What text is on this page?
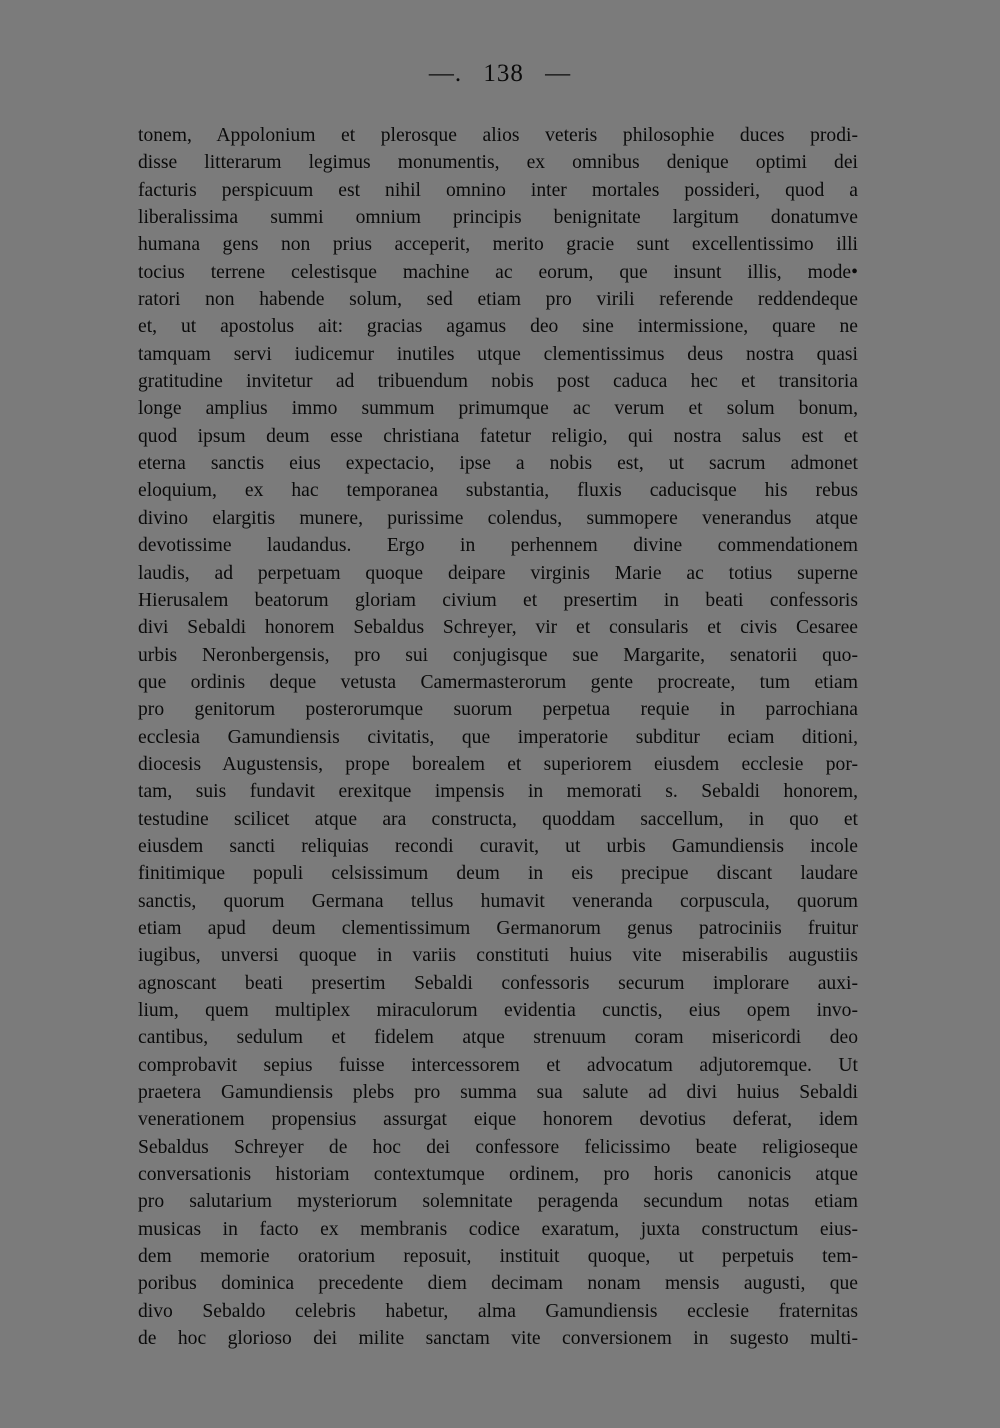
—. 138 —
tonem, Appolonium et plerosque alios veteris philosophie duces prodi-
disse litterarum legimus monumentis, ex omnibus denique optimi dei
facturis perspicuum est nihil omnino inter mortales possideri, quod a
liberalissima summi omnium principis benignitate largitum donatumve
humana gens non prius acceperit, merito gracie sunt excellentissimo illi
tocius terrene celestisque machine ac eorum, que insunt illis, mode•
ratori non habende solum, sed etiam pro virili referende reddendeque
et, ut apostolus ait: gracias agamus deo sine intermissione, quare ne
tamquam servi iudicemur inutiles utque clementissimus deus nostra quasi
gratitudine invitetur ad tribuendum nobis post caduca hec et transitoria
longe amplius immo summum primumque ac verum et solum bonum,
quod ipsum deum esse christiana fatetur religio, qui nostra salus est et
eterna sanctis eius expectacio, ipse a nobis est, ut sacrum admonet
eloquium, ex hac temporanea substantia, fluxis caducisque his rebus
divino elargitis munere, purissime colendus, summopere venerandus atque
devotissime laudandus. Ergo in perhennem divine commendationem
laudis, ad perpetuam quoque deipare virginis Marie ac totius superne
Hierusalem beatorum gloriam civium et presertim in beati confessoris
divi Sebaldi honorem Sebaldus Schreyer, vir et consularis et civis Cesaree
urbis Neronbergensis, pro sui conjugisque sue Margarite, senatorii quo-
que ordinis deque vetusta Camermasterorum gente procreate, tum etiam
pro genitorum posterorumque suorum perpetua requie in parrochiana
ecclesia Gamundiensis civitatis, que imperatorie subditur eciam ditioni,
diocesis Augustensis, prope borealem et superiorem eiusdem ecclesie por-
tam, suis fundavit erexitque impensis in memorati s. Sebaldi honorem,
testudine scilicet atque ara constructa, quoddam saccellum, in quo et
eiusdem sancti reliquias recondi curavit, ut urbis Gamundiensis incole
finitimique populi celsissimum deum in eis precipue discant laudare
sanctis, quorum Germana tellus humavit veneranda corpuscula, quorum
etiam apud deum clementissimum Germanorum genus patrociniis fruitur
iugibus, unversi quoque in variis constituti huius vite miserabilis augustiis
agnoscant beati presertim Sebaldi confessoris securum implorare auxi-
lium, quem multiplex miraculorum evidentia cunctis, eius opem invo-
cantibus, sedulum et fidelem atque strenuum coram misericordi deo
comprobavit sepius fuisse intercessorem et advocatum adjutoremque. Ut
praetera Gamundiensis plebs pro summa sua salute ad divi huius Sebaldi
venerationem propensius assurgat eique honorem devotius deferat, idem
Sebaldus Schreyer de hoc dei confessore felicissimo beate religioseque
conversationis historiam contextumque ordinem, pro horis canonicis atque
pro salutarium mysteriorum solemnitate peragenda secundum notas etiam
musicas in facto ex membranis codice exaratum, juxta constructum eius-
dem memorie oratorium reposuit, instituit quoque, ut perpetuis tem-
poribus dominica precedente diem decimam nonam mensis augusti, que
divo Sebaldo celebris habetur, alma Gamundiensis ecclesie fraternitas
de hoc glorioso dei milite sanctam vite conversionem in sugesto multi-
